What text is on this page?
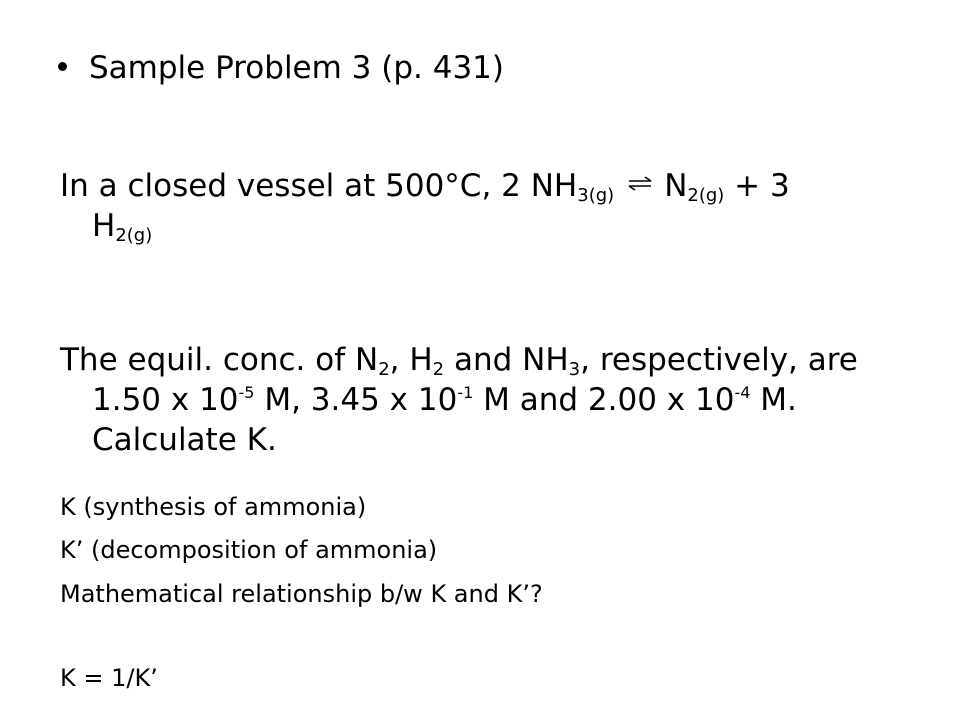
Sample Problem 3 (p. 431)
In a closed vessel at 500°C, 2 $NH_{3(g)}$ ⇌ $N_{2(g)} + 3$
$H_{2(g)}$
The equil. conc. of $N_2$, $H_2$ and $NH_3$, respectively, are
1.50 x $10^{-5}$ M, 3.45 x $10^{-1}$ M and 2.00 x $10^{-4}$ M.
Calculate K.
K (synthesis of ammonia)
K’ (decomposition of ammonia)
Mathematical relationship b/w K and K’?
K = 1/K’
